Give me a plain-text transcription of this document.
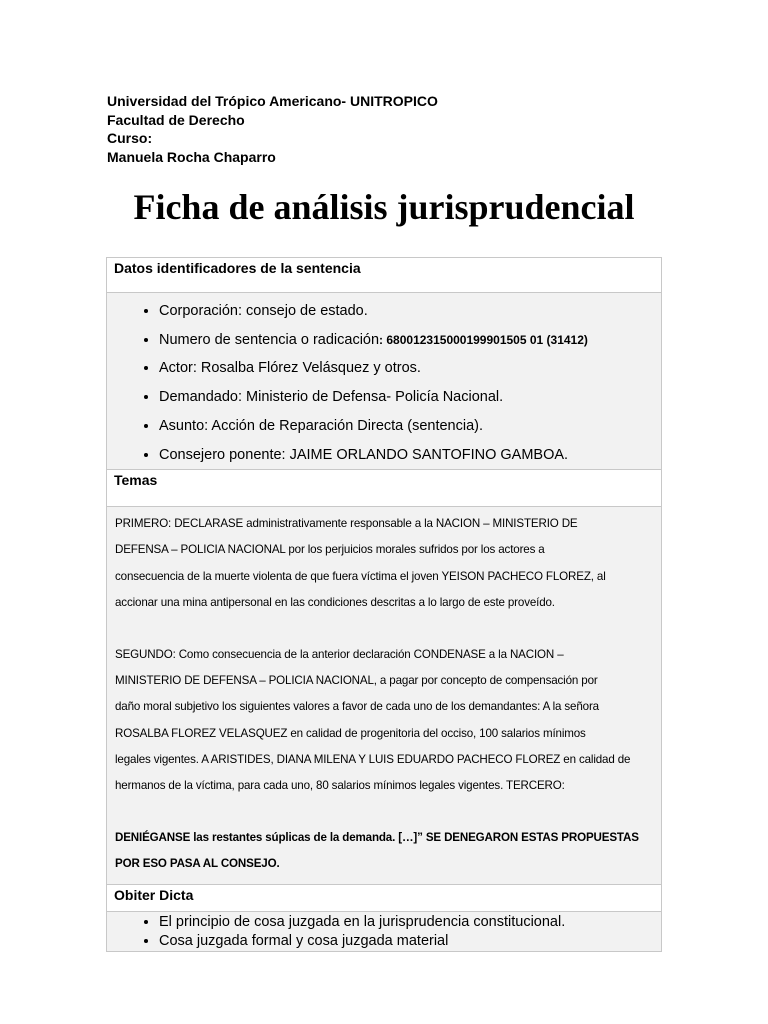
Universidad del Trópico Americano- UNITROPICO
Facultad de Derecho
Curso:
Manuela Rocha Chaparro
Ficha de análisis jurisprudencial
Datos identificadores de la sentencia

• Corporación: consejo de estado.
• Numero de sentencia o radicación: 680012315000199901505 01 (31412)
• Actor: Rosalba Flórez Velásquez y otros.
• Demandado: Ministerio de Defensa- Policía Nacional.
• Asunto: Acción de Reparación Directa (sentencia).
• Consejero ponente: JAIME ORLANDO SANTOFINO GAMBOA.

Temas

PRIMERO: DECLARASE administrativamente responsable a la NACION – MINISTERIO DE

DEFENSA – POLICIA NACIONAL por los perjuicios morales sufridos por los actores a

consecuencia de la muerte violenta de que fuera víctima el joven YEISON PACHECO FLOREZ, al

accionar una mina antipersonal en las condiciones descritas a lo largo de este proveído.

SEGUNDO: Como consecuencia de la anterior declaración CONDENASE a la NACION –

MINISTERIO DE DEFENSA – POLICIA NACIONAL, a pagar por concepto de compensación por

daño moral subjetivo los siguientes valores a favor de cada uno de los demandantes: A la señora

ROSALBA FLOREZ VELASQUEZ en calidad de progenitoria del occiso, 100 salarios mínimos

legales vigentes. A ARISTIDES, DIANA MILENA Y LUIS EDUARDO PACHECO FLOREZ en calidad de

hermanos de la víctima, para cada uno, 80 salarios mínimos legales vigentes. TERCERO:

DENIÉGANSE las restantes súplicas de la demanda. […]” SE DENEGARON ESTAS PROPUESTAS

POR ESO PASA AL CONSEJO.

Obiter Dicta

• El principio de cosa juzgada en la jurisprudencia constitucional.
• Cosa juzgada formal y cosa juzgada material
